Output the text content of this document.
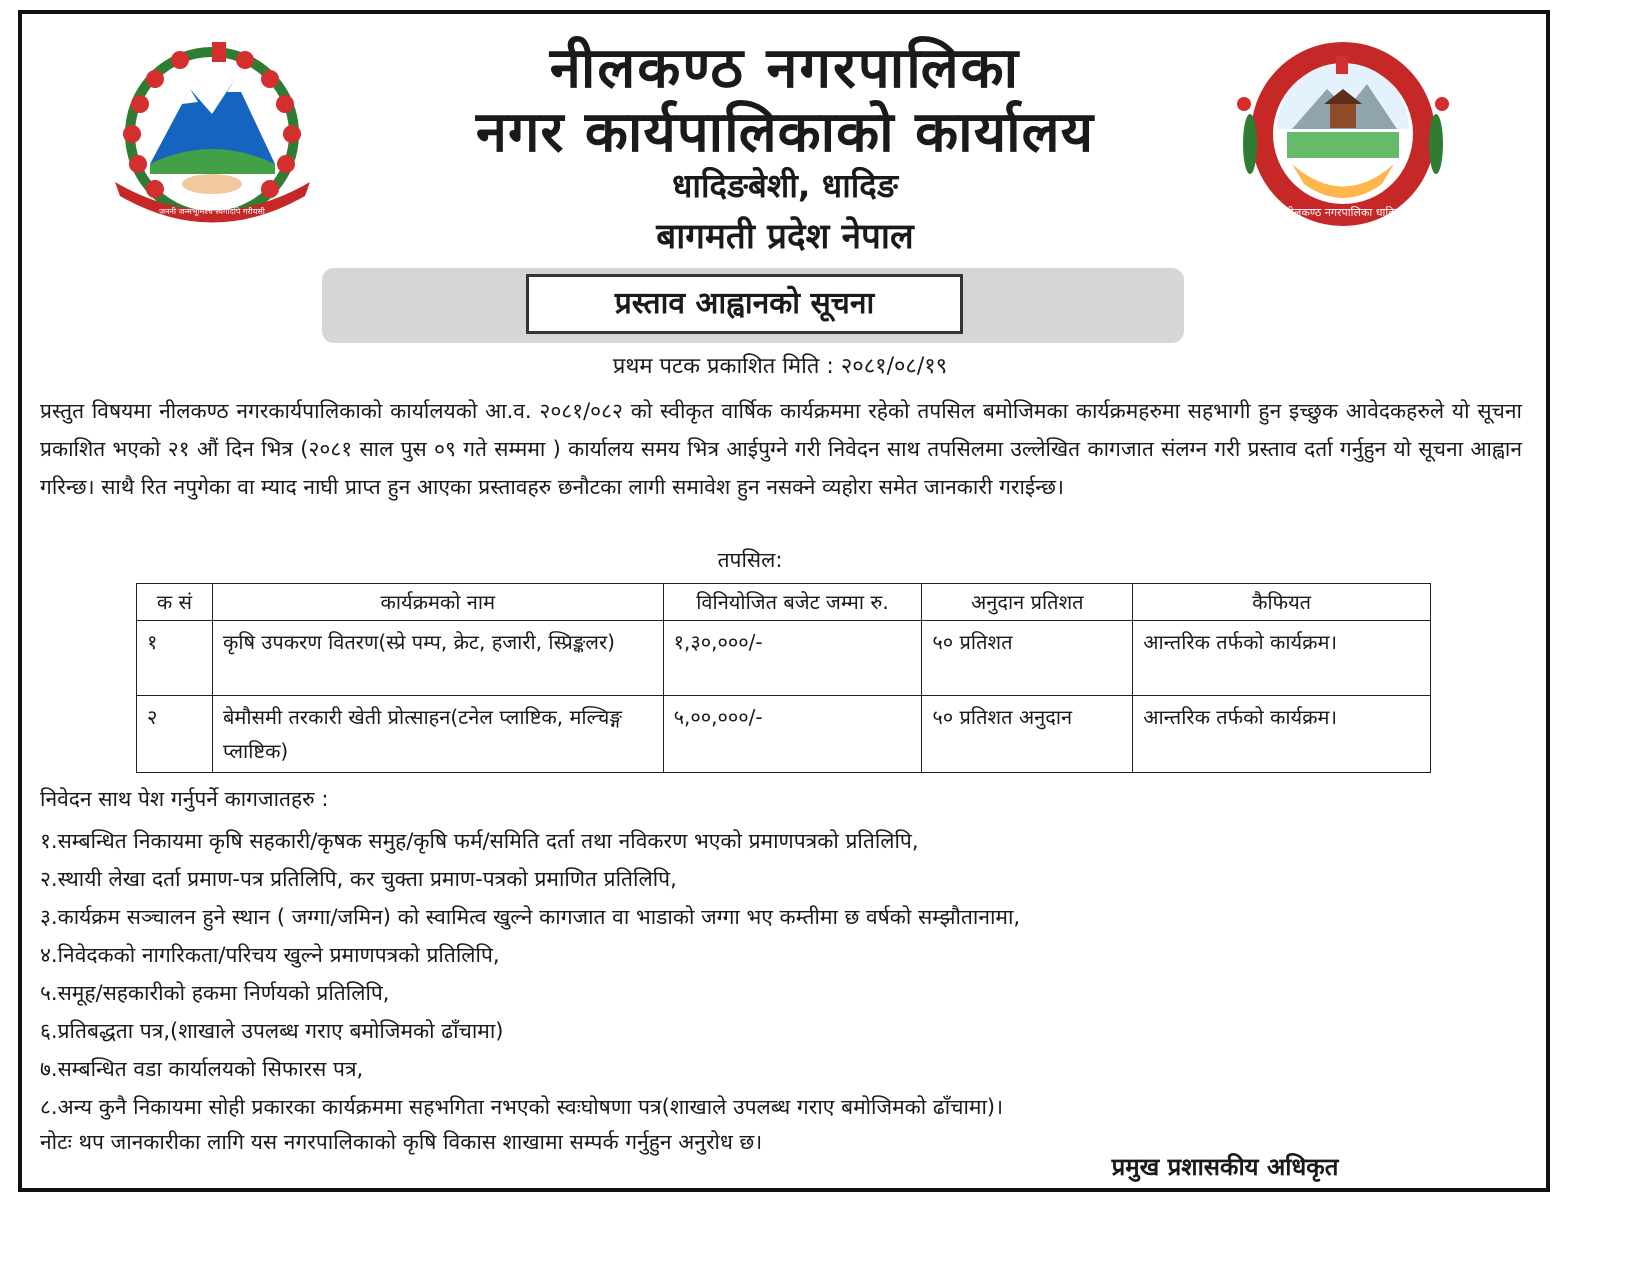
जननी जन्मभूमिश्च स्वर्गादपि गरीयसी	नीलकण्ठ नगरपालिका धादिङ
नीलकण्ठ नगरपालिका
नगर कार्यपालिकाको कार्यालय
धादिङबेशी, धादिङ
बागमती प्रदेश नेपाल
प्रस्ताव आह्वानको सूचना
प्रथम पटक प्रकाशित मिति : २०८१/०८/१९
प्रस्तुत विषयमा नीलकण्ठ नगरकार्यपालिकाको कार्यालयको आ.व. २०८१/०८२ को स्वीकृत वार्षिक कार्यक्रममा रहेको तपसिल बमोजिमका कार्यक्रमहरुमा सहभागी हुन इच्छुक आवेदकहरुले यो सूचना प्रकाशित भएको २१ औं दिन भित्र (२०८१ साल पुस ०९ गते सम्ममा ) कार्यालय समय भित्र आईपुग्ने गरी निवेदन साथ तपसिलमा उल्लेखित कागजात संलग्न गरी प्रस्ताव दर्ता गर्नुहुन यो सूचना आह्वान गरिन्छ। साथै रित नपुगेका वा म्याद नाघी प्राप्त हुन आएका प्रस्तावहरु छनौटका लागी समावेश हुन नसक्ने व्यहोरा समेत जानकारी गराईन्छ।
तपसिल:
क सं	कार्यक्रमको नाम	विनियोजित बजेट जम्मा रु.	अनुदान प्रतिशत	कैफियत
१	कृषि उपकरण वितरण(स्प्रे पम्प, क्रेट, हजारी, स्प्रिङ्कलर)	१,३०,०००/-	५० प्रतिशत	आन्तरिक तर्फको कार्यक्रम।
२	बेमौसमी तरकारी खेती प्रोत्साहन(टनेल प्लाष्टिक, मल्चिङ्ग प्लाष्टिक)	५,००,०००/-	५० प्रतिशत अनुदान	आन्तरिक तर्फको कार्यक्रम।
निवेदन साथ पेश गर्नुपर्ने कागजातहरु :
१.सम्बन्धित निकायमा कृषि सहकारी/कृषक समुह/कृषि फर्म/समिति दर्ता तथा नविकरण भएको प्रमाणपत्रको प्रतिलिपि,
२.स्थायी लेखा दर्ता प्रमाण-पत्र प्रतिलिपि, कर चुक्ता प्रमाण-पत्रको प्रमाणित प्रतिलिपि,
३.कार्यक्रम सञ्चालन हुने स्थान ( जग्गा/जमिन) को स्वामित्व खुल्ने कागजात वा भाडाको जग्गा भए कम्तीमा छ वर्षको सम्झौतानामा,
४.निवेदकको नागरिकता/परिचय खुल्ने प्रमाणपत्रको प्रतिलिपि,
५.समूह/सहकारीको हकमा निर्णयको प्रतिलिपि,
६.प्रतिबद्धता पत्र,(शाखाले उपलब्ध गराए बमोजिमको ढाँचामा)
७.सम्बन्धित वडा कार्यालयको सिफारस पत्र,
८.अन्य कुनै निकायमा सोही प्रकारका कार्यक्रममा सहभगिता नभएको स्वःघोषणा पत्र(शाखाले उपलब्ध गराए बमोजिमको ढाँचामा)।
नोटः थप जानकारीका लागि यस नगरपालिकाको कृषि विकास शाखामा सम्पर्क गर्नुहुन अनुरोध छ।
प्रमुख प्रशासकीय अधिकृत
